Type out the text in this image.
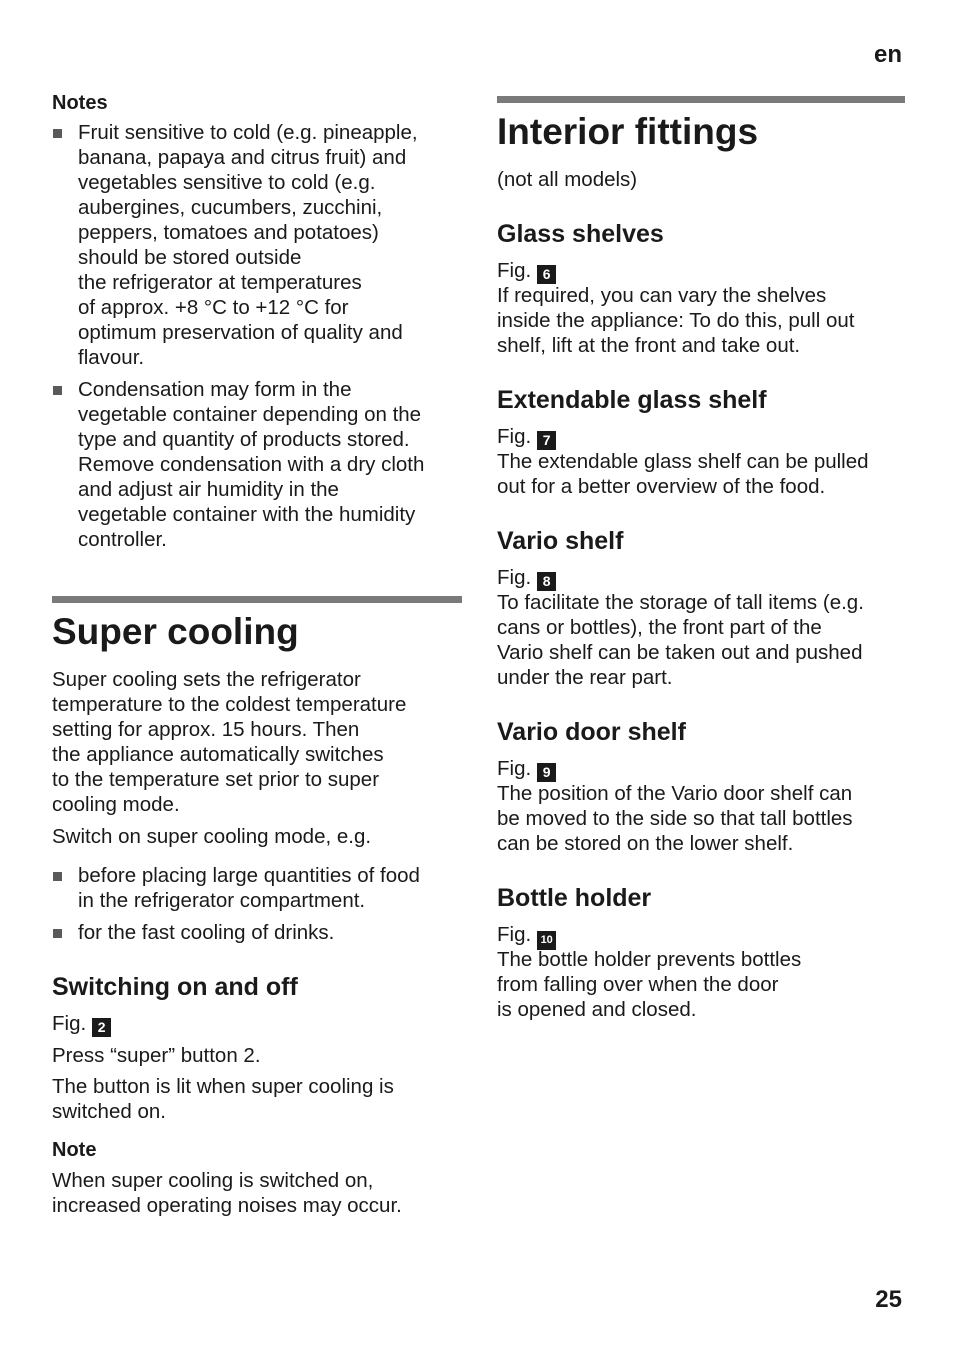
en
25
Notes
Fruit sensitive to cold (e.g. pineapple,
banana, papaya and citrus fruit) and
vegetables sensitive to cold (e.g.
aubergines, cucumbers, zucchini,
peppers, tomatoes and potatoes)
should be stored outside
the refrigerator at temperatures
of approx. +8 °C to +12 °C for
optimum preservation of quality and
flavour.
Condensation may form in the
vegetable container depending on the
type and quantity of products stored.
Remove condensation with a dry cloth
and adjust air humidity in the
vegetable container with the humidity
controller.
Super cooling
Super cooling sets the refrigerator
temperature to the coldest temperature
setting for approx. 15 hours. Then
the appliance automatically switches
to the temperature set prior to super
cooling mode.

Switch on super cooling mode, e.g.

before placing large quantities of food
in the refrigerator compartment.
for the fast cooling of drinks.
Switching on and off

Fig. 2

Press “super” button 2.

The button is lit when super cooling is
switched on.
Note
When super cooling is switched on,
increased operating noises may occur.
Interior fittings

(not all models)

Glass shelves

Fig. 6

If required, you can vary the shelves
inside the appliance: To do this, pull out
shelf, lift at the front and take out.
Extendable glass shelf

Fig. 7

The extendable glass shelf can be pulled
out for a better overview of the food.
Vario shelf

Fig. 8

To facilitate the storage of tall items (e.g.
cans or bottles), the front part of the
Vario shelf can be taken out and pushed
under the rear part.
Vario door shelf

Fig. 9

The position of the Vario door shelf can
be moved to the side so that tall bottles
can be stored on the lower shelf.
Bottle holder

Fig. 10

The bottle holder prevents bottles
from falling over when the door
is opened and closed.
